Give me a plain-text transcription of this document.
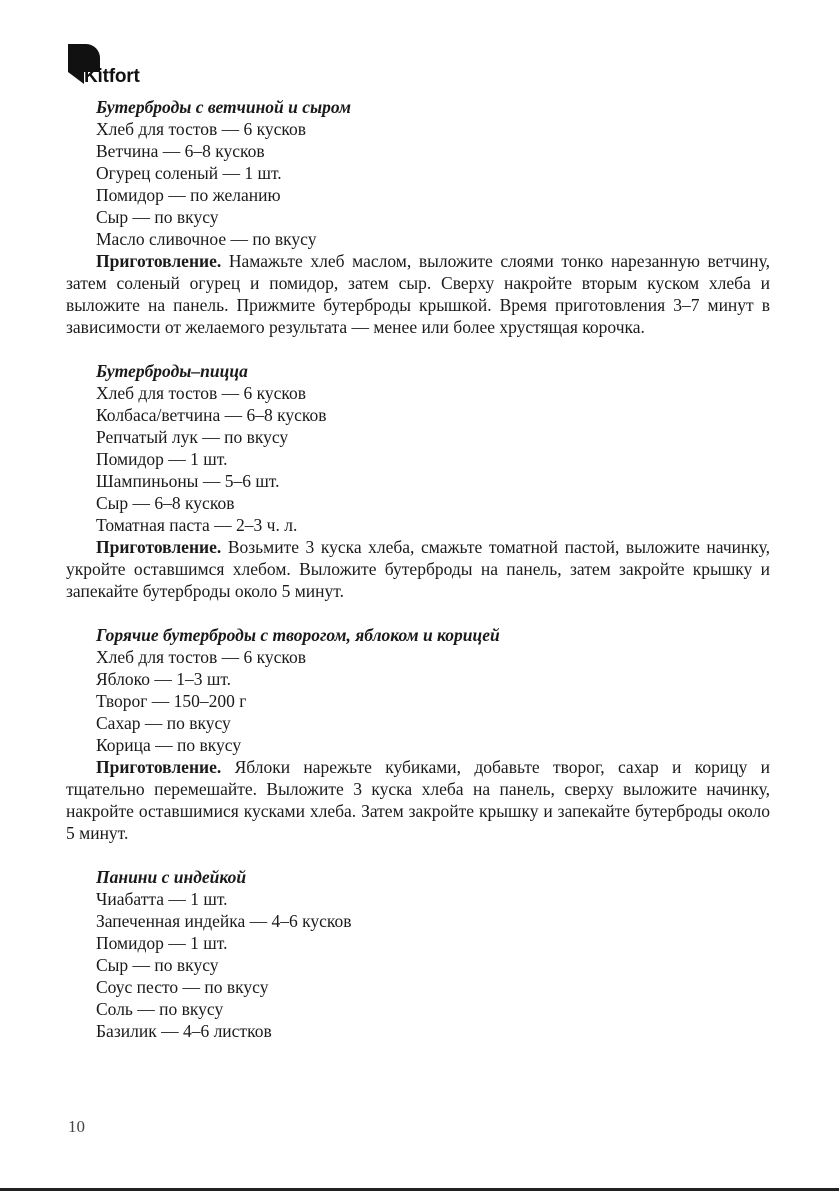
Kitfort

Бутерброды с ветчиной и сыром

Хлеб для тостов — 6 кусков
Ветчина — 6–8 кусков
Огурец соленый — 1 шт.
Помидор — по желанию
Сыр — по вкусу
Масло сливочное — по вкусу

Приготовление. Намажьте хлеб маслом, выложите слоями тонко нарезанную ветчину, затем соленый огурец и помидор, затем сыр. Сверху накройте вторым куском хлеба и выложите на панель. Прижмите бутерброды крышкой. Время приготовления 3–7 минут в зависимости от желаемого результата — менее или более хрустящая корочка.

Бутерброды–пицца

Хлеб для тостов — 6 кусков
Колбаса/ветчина — 6–8 кусков
Репчатый лук — по вкусу
Помидор — 1 шт.
Шампиньоны — 5–6 шт.
Сыр — 6–8 кусков
Томатная паста — 2–3 ч. л.

Приготовление. Возьмите 3 куска хлеба, смажьте томатной пастой, выложите начинку, укройте оставшимся хлебом. Выложите бутерброды на панель, затем закройте крышку и запекайте бутерброды около 5 минут.

Горячие бутерброды с творогом, яблоком и корицей

Хлеб для тостов — 6 кусков
Яблоко — 1–3 шт.
Творог — 150–200 г
Сахар — по вкусу
Корица — по вкусу

Приготовление. Яблоки нарежьте кубиками, добавьте творог, сахар и корицу и тщательно перемешайте. Выложите 3 куска хлеба на панель, сверху выложите начинку, накройте оставшимися кусками хлеба. Затем закройте крышку и запекайте бутерброды около 5 минут.

Панини с индейкой

Чиабатта — 1 шт.
Запеченная индейка — 4–6 кусков
Помидор — 1 шт.
Сыр — по вкусу
Соус песто — по вкусу
Соль — по вкусу
Базилик — 4–6 листков
10
